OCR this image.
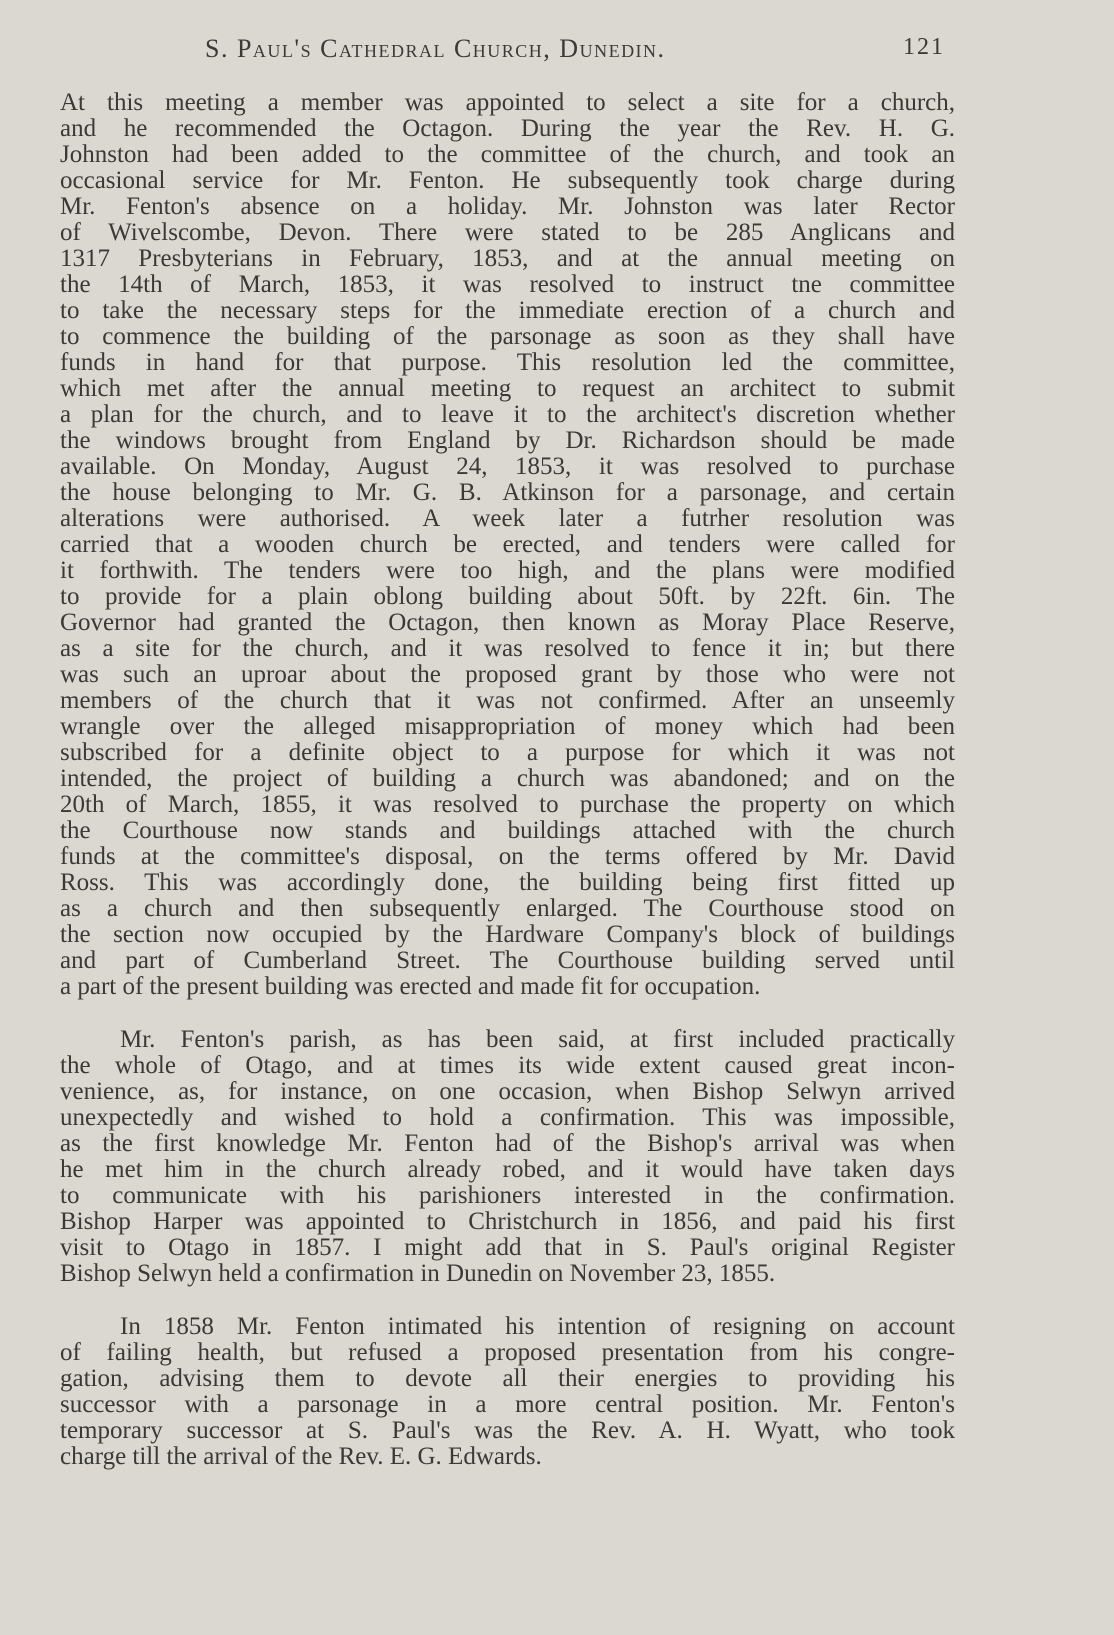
S. Paul's Cathedral Church, Dunedin.	121
At this meeting a member was appointed to select a site for a church,
and he recommended the Octagon. During the year the Rev. H. G.
Johnston had been added to the committee of the church, and took an
occasional service for Mr. Fenton. He subsequently took charge during
Mr. Fenton's absence on a holiday. Mr. Johnston was later Rector
of Wivelscombe, Devon. There were stated to be 285 Anglicans and
1317 Presbyterians in February, 1853, and at the annual meeting on
the 14th of March, 1853, it was resolved to instruct tne committee
to take the necessary steps for the immediate erection of a church and
to commence the building of the parsonage as soon as they shall have
funds in hand for that purpose. This resolution led the committee,
which met after the annual meeting to request an architect to submit
a plan for the church, and to leave it to the architect's discretion whether
the windows brought from England by Dr. Richardson should be made
available. On Monday, August 24, 1853, it was resolved to purchase
the house belonging to Mr. G. B. Atkinson for a parsonage, and certain
alterations were authorised. A week later a futrher resolution was
carried that a wooden church be erected, and tenders were called for
it forthwith. The tenders were too high, and the plans were modified
to provide for a plain oblong building about 50ft. by 22ft. 6in. The
Governor had granted the Octagon, then known as Moray Place Reserve,
as a site for the church, and it was resolved to fence it in; but there
was such an uproar about the proposed grant by those who were not
members of the church that it was not confirmed. After an unseemly
wrangle over the alleged misappropriation of money which had been
subscribed for a definite object to a purpose for which it was not
intended, the project of building a church was abandoned; and on the
20th of March, 1855, it was resolved to purchase the property on which
the Courthouse now stands and buildings attached with the church
funds at the committee's disposal, on the terms offered by Mr. David
Ross. This was accordingly done, the building being first fitted up
as a church and then subsequently enlarged. The Courthouse stood on
the section now occupied by the Hardware Company's block of buildings
and part of Cumberland Street. The Courthouse building served until
a part of the present building was erected and made fit for occupation.
Mr. Fenton's parish, as has been said, at first included practically
the whole of Otago, and at times its wide extent caused great incon-
venience, as, for instance, on one occasion, when Bishop Selwyn arrived
unexpectedly and wished to hold a confirmation. This was impossible,
as the first knowledge Mr. Fenton had of the Bishop's arrival was when
he met him in the church already robed, and it would have taken days
to communicate with his parishioners interested in the confirmation.
Bishop Harper was appointed to Christchurch in 1856, and paid his first
visit to Otago in 1857. I might add that in S. Paul's original Register
Bishop Selwyn held a confirmation in Dunedin on November 23, 1855.
In 1858 Mr. Fenton intimated his intention of resigning on account
of failing health, but refused a proposed presentation from his congre-
gation, advising them to devote all their energies to providing his
successor with a parsonage in a more central position. Mr. Fenton's
temporary successor at S. Paul's was the Rev. A. H. Wyatt, who took
charge till the arrival of the Rev. E. G. Edwards.
